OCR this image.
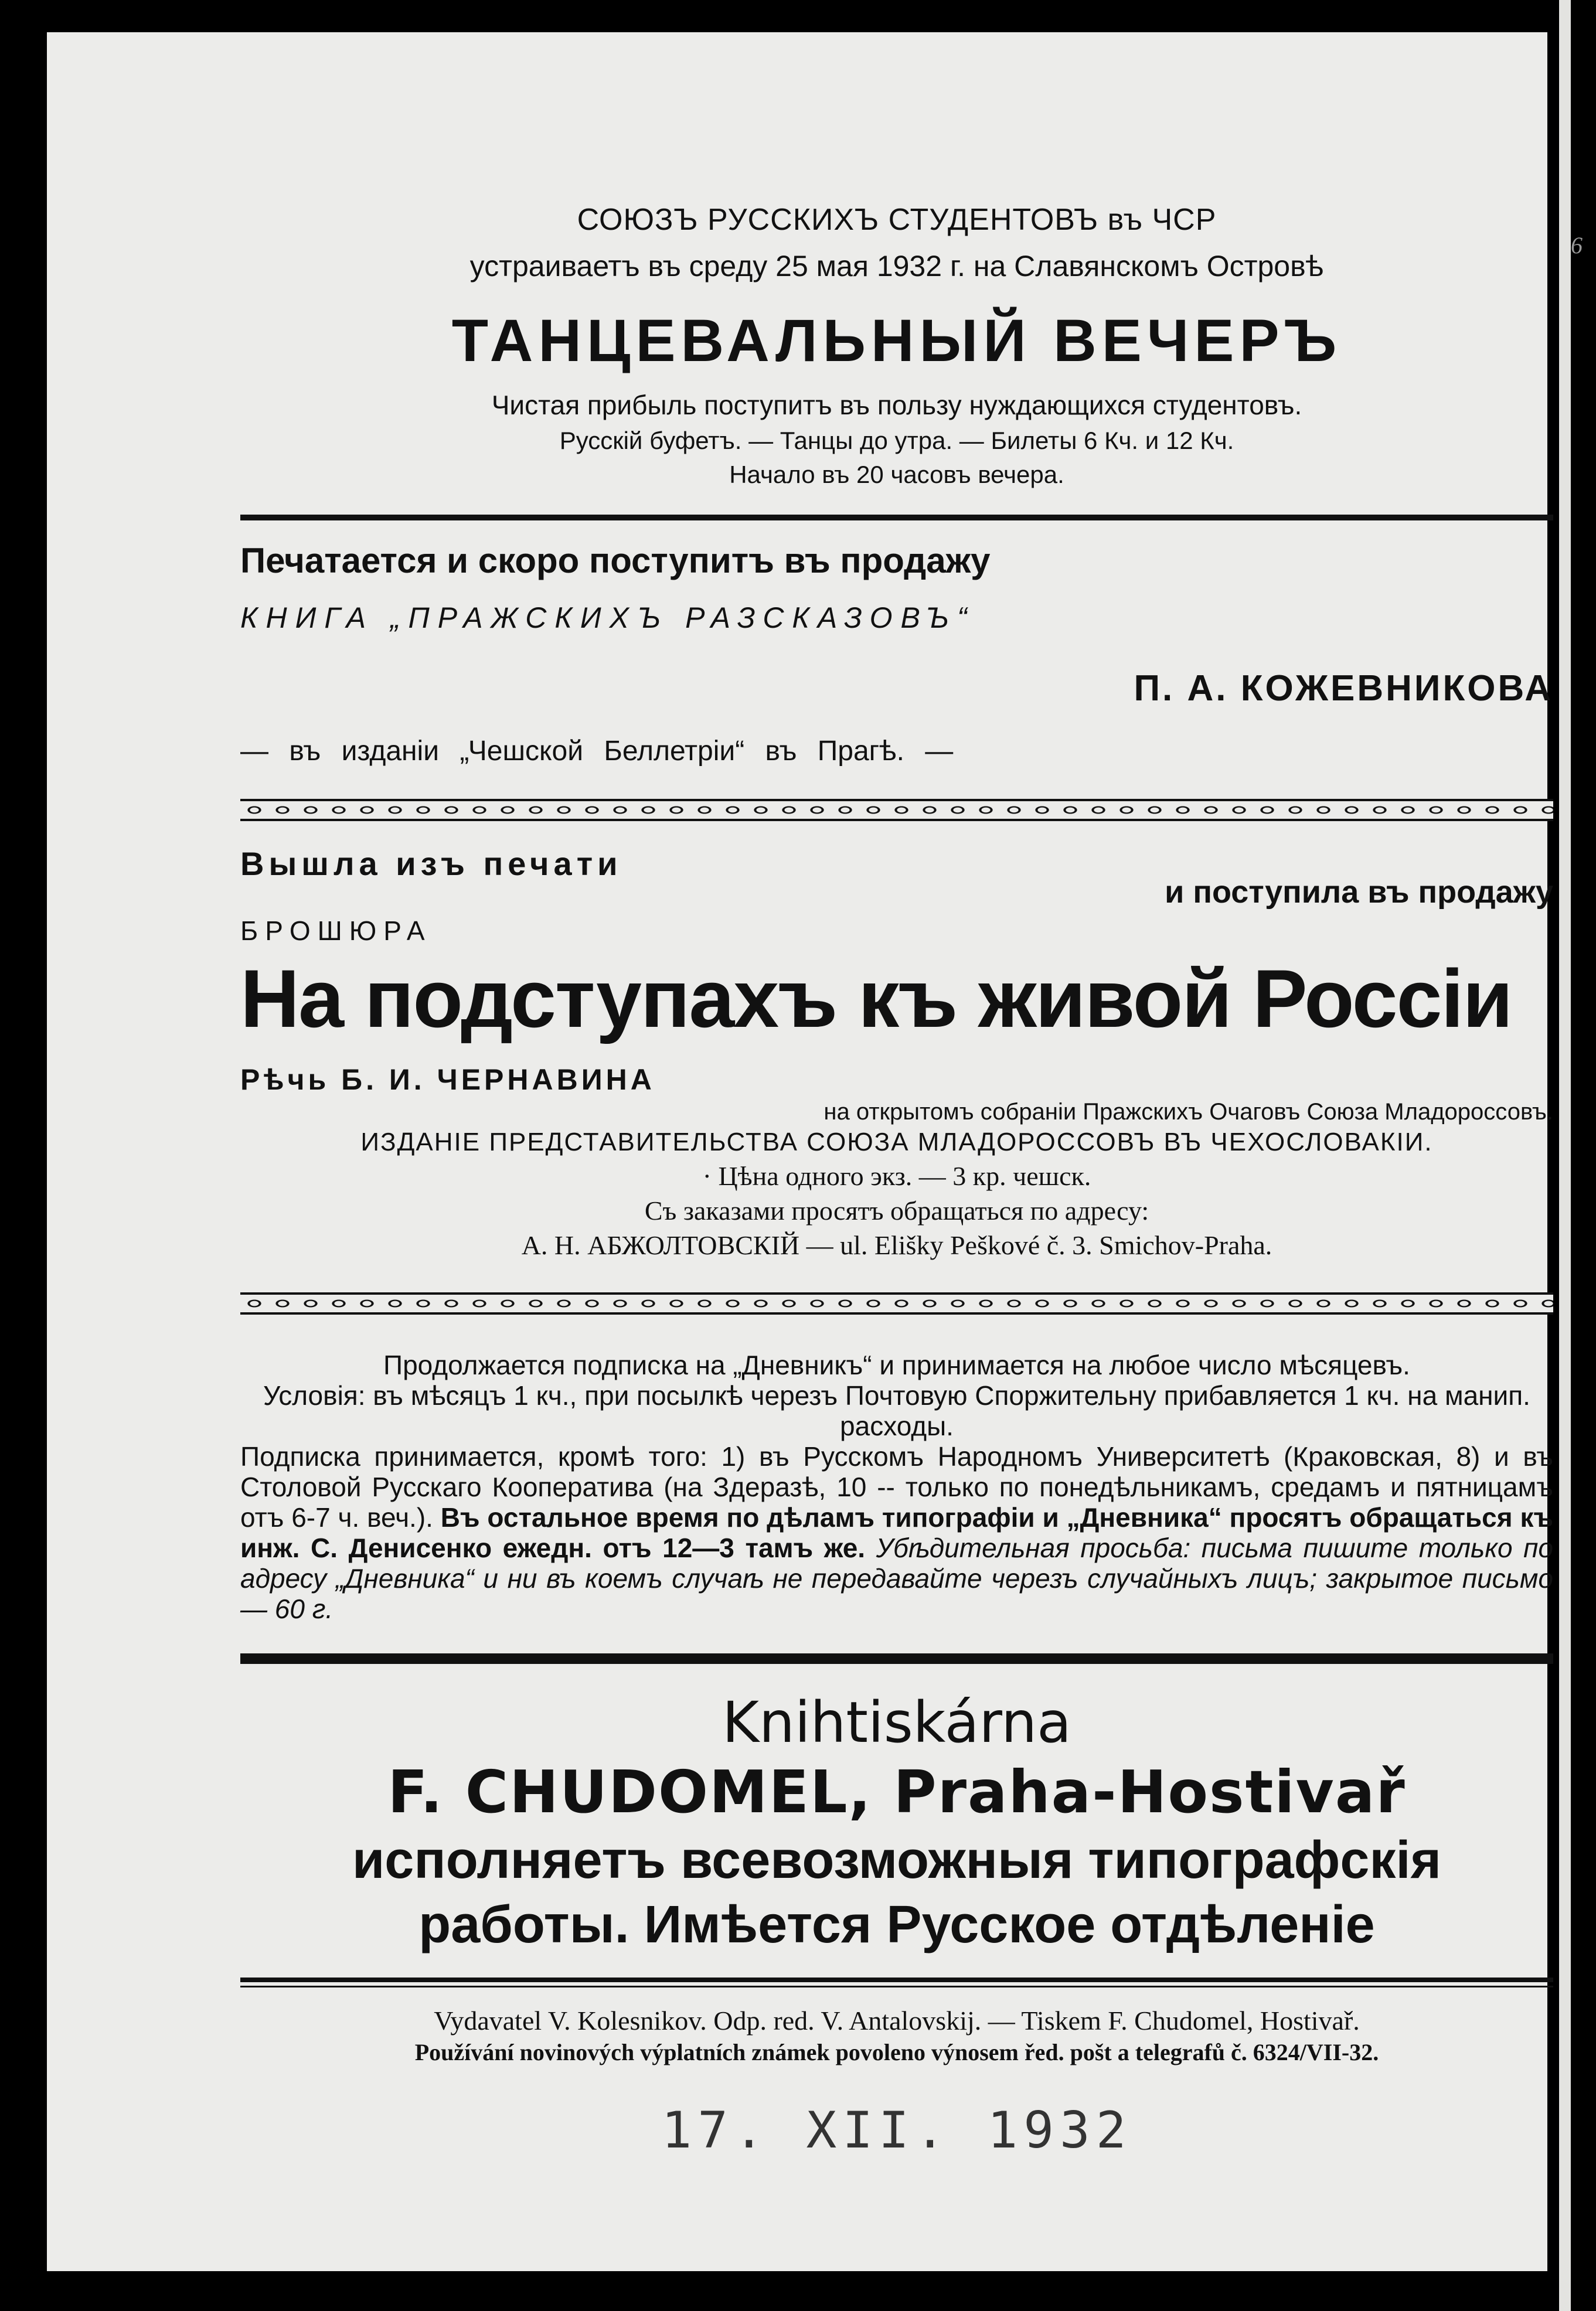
6
СОЮЗЪ РУССКИХЪ СТУДЕНТОВЪ въ ЧСР
устраиваетъ въ среду 25 мая 1932 г. на Славянскомъ Островѣ
ТАНЦЕВАЛЬНЫЙ ВЕЧЕРЪ
Чистая прибыль поступитъ въ пользу нуждающихся студентовъ.
Русскій буфетъ. — Танцы до утра. — Билеты 6 Кч. и 12 Кч.
Начало въ 20 часовъ вечера.
Печатается и скоро поступитъ въ продажу
КНИГА „ПРАЖСКИХЪ РАЗСКАЗОВЪ“
П. А. КОЖЕВНИКОВА
— въ изданіи „Чешской Беллетріи“ въ Прагѣ. —
Вышла изъ печати
и поступила въ продажу
БРОШЮРА
На подступахъ къ живой Россіи
Рѣчь Б. И. ЧЕРНАВИНА
на открытомъ собраніи Пражскихъ Очаговъ Союза Младороссовъ.
ИЗДАНІЕ ПРЕДСТАВИТЕЛЬСТВА СОЮЗА МЛАДОРОССОВЪ ВЪ ЧЕХОСЛОВАКІИ.
· Цѣна одного экз. — 3 кр. чешск.
Съ заказами просятъ обращаться по адресу:
А. Н. АБЖОЛТОВСКІЙ — ul. Elišky Peškové č. 3. Smichov-Praha.

Продолжается подписка на „Дневникъ“ и принимается на любое число мѣсяцевъ.

Условія: въ мѣсяцъ 1 кч., при посылкѣ черезъ Почтовую Споржительну прибавляется 1 кч. на манип. расходы.

Подписка принимается, кромѣ того: 1) въ Русскомъ Народномъ Университетѣ (Краковская, 8) и въ Столовой Русскаго Кооператива (на Здеразѣ, 10 -- только по понедѣльникамъ, средамъ и пятницамъ отъ 6-7 ч. веч.). Въ остальное время по дѣламъ типографіи и „Дневника“ просятъ обращаться къ инж. С. Денисенко ежедн. отъ 12—3 тамъ же. Убѣдительная просьба: письма пишите только по адресу „Дневника“ и ни въ коемъ случаѣ не передавайте черезъ случайныхъ лицъ; закрытое письмо — 60 г.

Knihtiskárna
F. CHUDOMEL, Praha-Hostivař
исполняетъ всевозможныя типографскія
работы. Имѣется Русское отдѣленіе
Vydavatel V. Kolesnikov. Odp. red. V. Antalovskij. — Tiskem F. Chudomel, Hostivař.
Používání novinových výplatních známek povoleno výnosem řed. pošt a telegrafů č. 6324/VII-32.
17. XII. 1932
